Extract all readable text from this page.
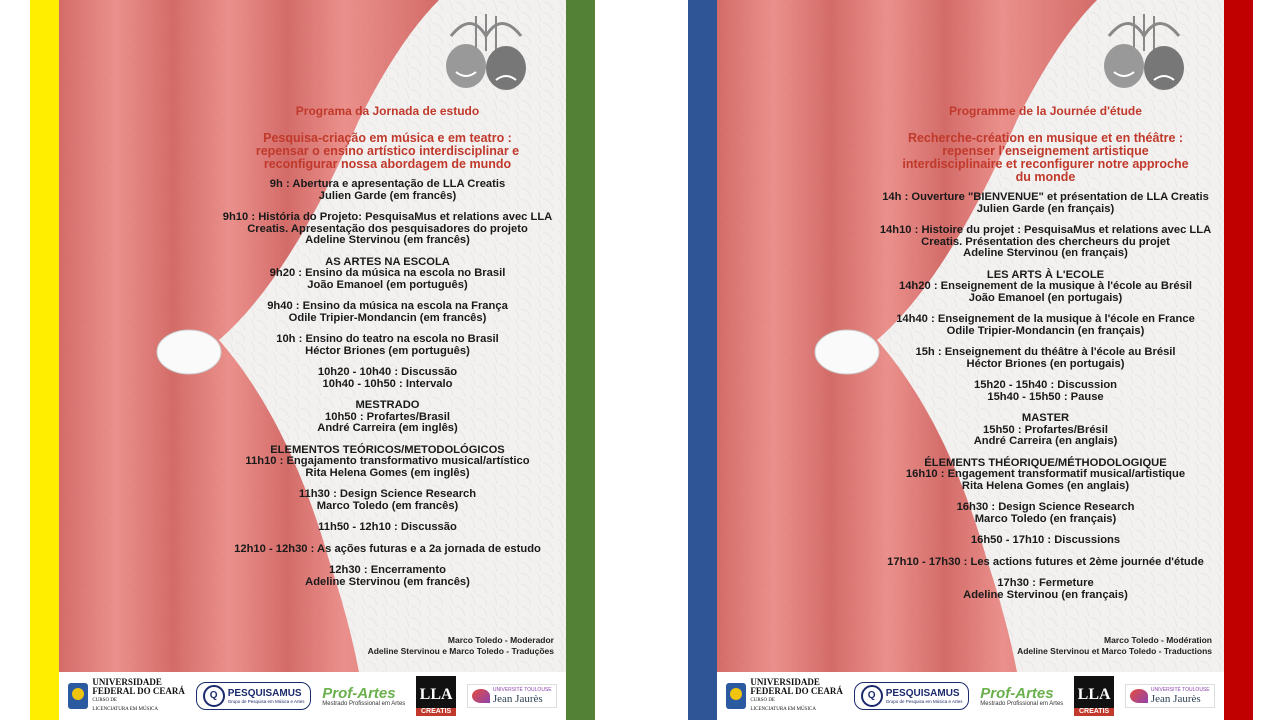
Programa da Jornada de estudo
Pesquisa-criação em música e em teatro :
repensar o ensino artístico interdisciplinar e
reconfigurar nossa abordagem de mundo
9h : Abertura e apresentação de LLA Creatis
Julien Garde (em francês)
9h10 : História do Projeto: PesquisaMus et relations avec LLA
Creatis. Apresentação dos pesquisadores do projeto
Adeline Stervinou (em francês)
AS ARTES NA ESCOLA
9h20 : Ensino da música na escola no Brasil
João Emanoel (em português)
9h40 : Ensino da música na escola na França
Odile Tripier-Mondancin (em francês)
10h : Ensino do teatro na escola no Brasil
Héctor Briones (em português)
10h20 - 10h40 : Discussão
10h40 - 10h50 : Intervalo
MESTRADO
10h50 : Profartes/Brasil
André Carreira (em inglês)
ELEMENTOS TEÓRICOS/METODOLÓGICOS
11h10 : Engajamento transformativo musical/artístico
Rita Helena Gomes (em inglês)
11h30 : Design Science Research
Marco Toledo (em francês)
11h50 - 12h10 : Discussão
12h10 - 12h30 : As ações futuras e a 2a jornada de estudo
12h30 : Encerramento
Adeline Stervinou (em francês)
Marco Toledo - Moderador
Adeline Stervinou e Marco Toledo - Traduções
UNIVERSIDADE
FEDERAL DO CEARÁ
CURSO DE
LICENCIATURA EM MÚSICA
Q	PESQUISAMUS
Grupo de Pesquisa em Música e Artes Prof-Artes
Mestrado Profissional em Artes
LLA
CREATIS
UNIVERSITÉ TOULOUSE
Jean Jaurès
Programme de la Journée d'étude
Recherche-création en musique et en théâtre :
repenser l'enseignement artistique
interdisciplinaire et reconfigurer notre approche
du monde
14h : Ouverture "BIENVENUE" et présentation de LLA Creatis
Julien Garde (en français)
14h10 : Histoire du projet : PesquisaMus et relations avec LLA
Creatis. Présentation des chercheurs du projet
Adeline Stervinou (en français)
LES ARTS À L'ECOLE
14h20 : Enseignement de la musique à l'école au Brésil
João Emanoel (en portugais)
14h40 : Enseignement de la musique à l'école en France
Odile Tripier-Mondancin (en français)
15h : Enseignement du théâtre à l'école au Brésil
Héctor Briones (en portugais)
15h20 - 15h40 : Discussion
15h40 - 15h50 : Pause
MASTER
15h50 : Profartes/Brésil
André Carreira (en anglais)
ÉLEMENTS THÉORIQUE/MÉTHODOLOGIQUE
16h10 : Engagement transformatif musical/artistique
Rita Helena Gomes (en anglais)
16h30 : Design Science Research
Marco Toledo (en français)
16h50 - 17h10 : Discussions
17h10 - 17h30 : Les actions futures et 2ème journée d'étude
17h30 : Fermeture
Adeline Stervinou (en français)
Marco Toledo - Modération
Adeline Stervinou et Marco Toledo - Traductions
UNIVERSIDADE
FEDERAL DO CEARÁ
CURSO DE
LICENCIATURA EM MÚSICA
Q	PESQUISAMUS
Grupo de Pesquisa em Música e Artes Prof-Artes
Mestrado Profissional em Artes
LLA
CREATIS
UNIVERSITÉ TOULOUSE
Jean Jaurès
